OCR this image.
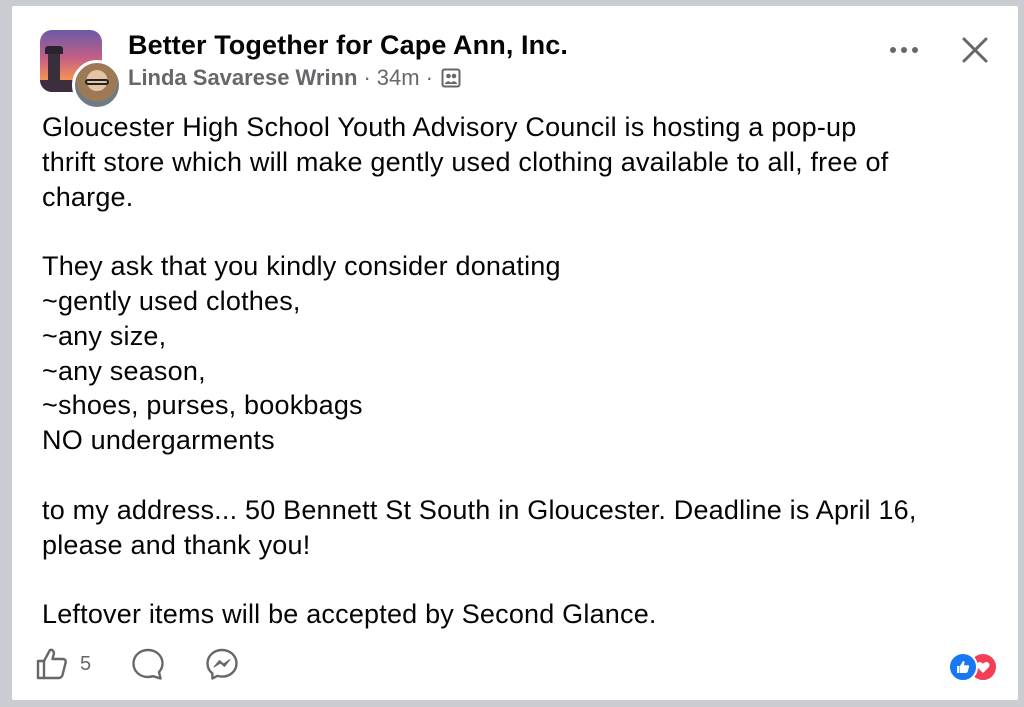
Better Together for Cape Ann, Inc.
Linda Savarese Wrinn · 34m ·

Gloucester High School Youth Advisory Council is hosting a pop-up

thrift store which will make gently used clothing available to all, free of

charge.

They ask that you kindly consider donating

~gently used clothes,

~any size,

~any season,

~shoes, purses, bookbags

NO undergarments

to my address... 50 Bennett St South in Gloucester. Deadline is April 16,

please and thank you!

Leftover items will be accepted by Second Glance.

5
